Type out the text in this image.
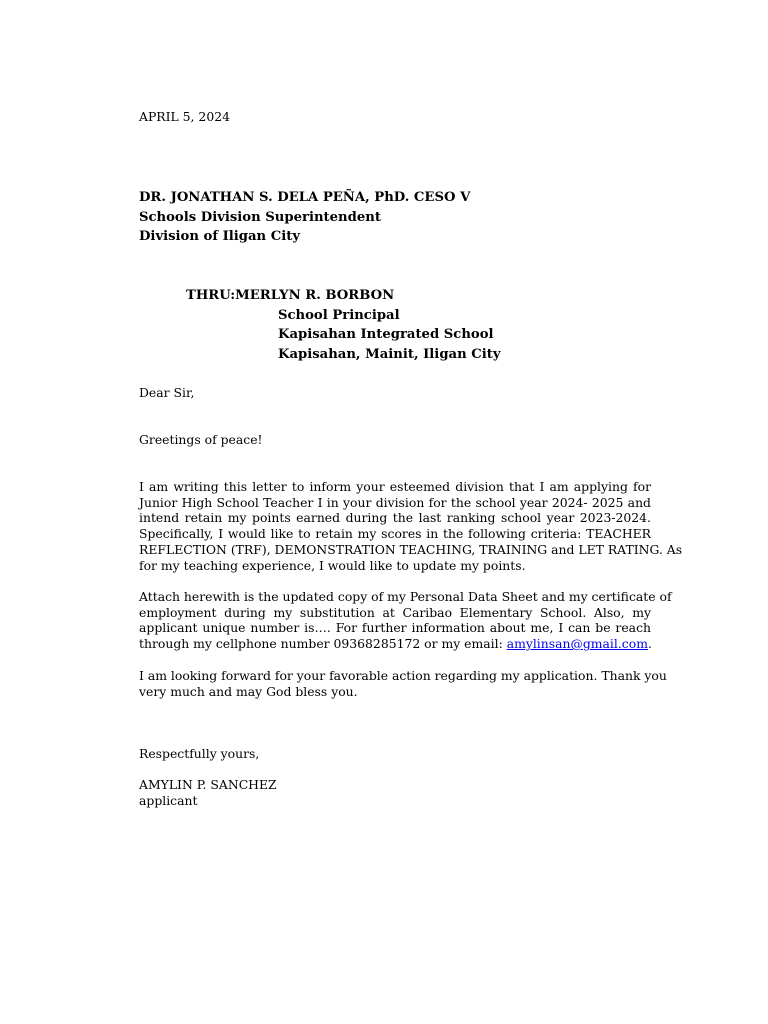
APRIL 5, 2024
DR. JONATHAN S. DELA PEÑA, PhD. CESO V
Schools Division Superintendent
Division of Iligan City
THRU:MERLYN R. BORBON
School Principal
Kapisahan Integrated School
Kapisahan, Mainit, Iligan City
Dear Sir,
Greetings of peace!
I am writing this letter to inform your esteemed division that I am applying for
Junior High School Teacher I in your division for the school year 2024- 2025 and
intend retain my points earned during the last ranking school year 2023-2024.
Specifically, I would like to retain my scores in the following criteria: TEACHER
REFLECTION (TRF), DEMONSTRATION TEACHING, TRAINING and LET RATING. As
for my teaching experience, I would like to update my points.
Attach herewith is the updated copy of my Personal Data Sheet and my certificate of
employment during my substitution at Caribao Elementary School. Also, my
applicant unique number is…. For further information about me, I can be reach
through my cellphone number 09368285172 or my email: amylinsan@gmail.com.
I am looking forward for your favorable action regarding my application. Thank you
very much and may God bless you.
Respectfully yours,
AMYLIN P. SANCHEZ
applicant
